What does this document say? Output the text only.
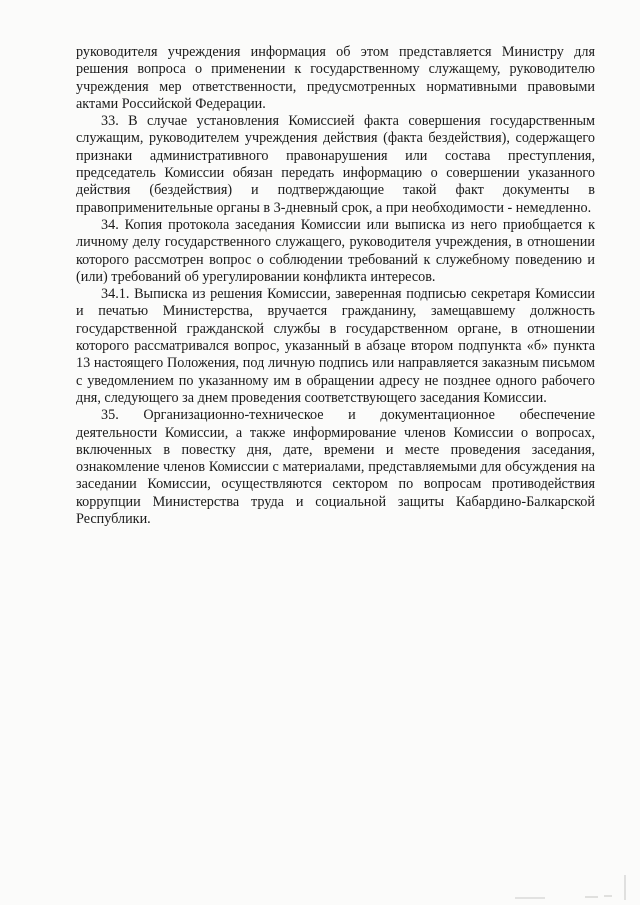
руководителя учреждения информация об этом представляется Министру для решения вопроса о применении к государственному служащему, руководителю учреждения мер ответственности, предусмотренных нормативными правовыми актами Российской Федерации.

33. В случае установления Комиссией факта совершения государственным служащим, руководителем учреждения действия (факта бездействия), содержащего признаки административного правонарушения или состава преступления, председатель Комиссии обязан передать информацию о совершении указанного действия (бездействия) и подтверждающие такой факт документы в правоприменительные органы в 3-дневный срок, а при необходимости - немедленно.

34. Копия протокола заседания Комиссии или выписка из него приобщается к личному делу государственного служащего, руководителя учреждения, в отношении которого рассмотрен вопрос о соблюдении требований к служебному поведению и (или) требований об урегулировании конфликта интересов.

34.1. Выписка из решения Комиссии, заверенная подписью секретаря Комиссии и печатью Министерства, вручается гражданину, замещавшему должность государственной гражданской службы в государственном органе, в отношении которого рассматривался вопрос, указанный в абзаце втором подпункта «б» пункта 13 настоящего Положения, под личную подпись или направляется заказным письмом с уведомлением по указанному им в обращении адресу не позднее одного рабочего дня, следующего за днем проведения соответствующего заседания Комиссии.

35. Организационно-техническое и документационное обеспечение деятельности Комиссии, а также информирование членов Комиссии о вопросах, включенных в повестку дня, дате, времени и месте проведения заседания, ознакомление членов Комиссии с материалами, представляемыми для обсуждения на заседании Комиссии, осуществляются сектором по вопросам противодействия коррупции Министерства труда и социальной защиты Кабардино-Балкарской Республики.
